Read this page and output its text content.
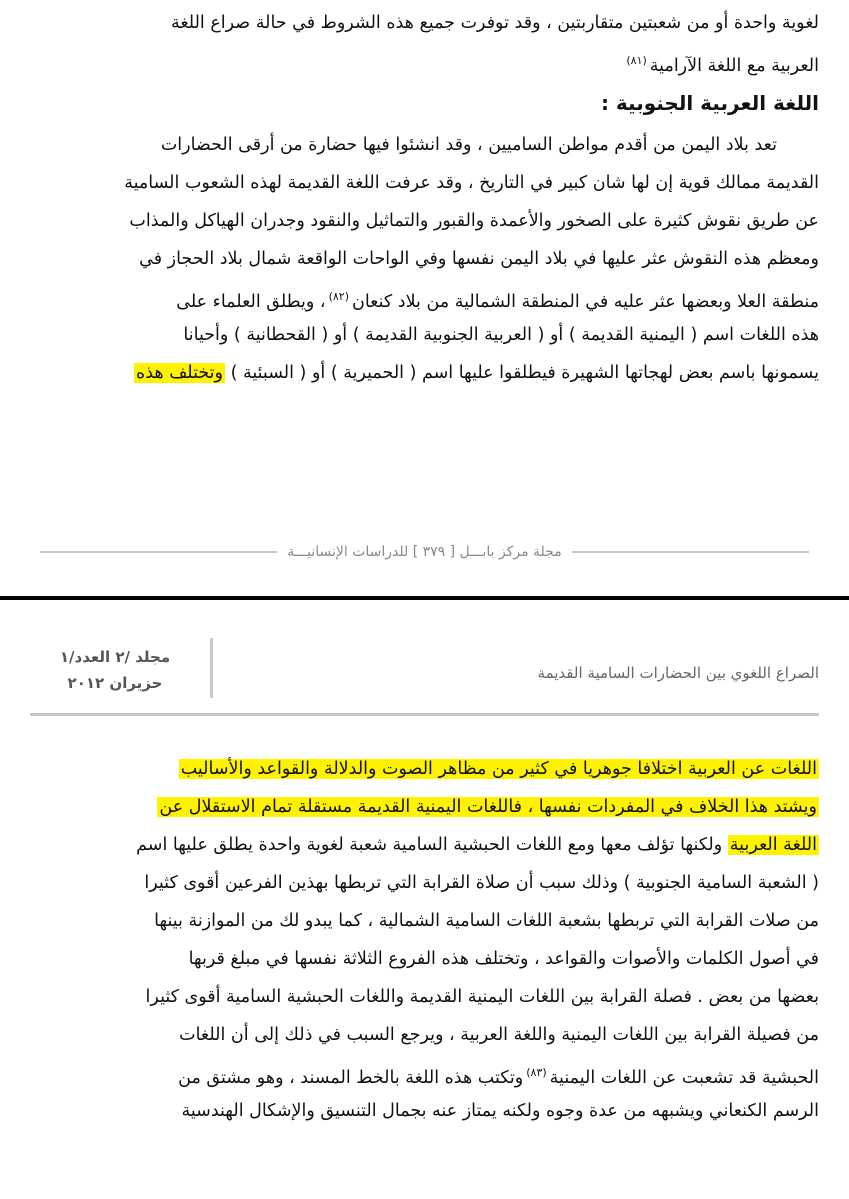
لغوية واحدة أو من شعبتين متقاربتين ، وقد توفرت جميع هذه الشروط في حالة صراع اللغة
العربية مع اللغة الآرامية$^{(٨١)}$
اللغة العربية الجنوبية :
تعد بلاد اليمن من أقدم مواطن الساميين ، وقد انشئوا فيها حضارة من أرقى الحضارات
القديمة ممالك قوية إن لها شان كبير في التاريخ ، وقد عرفت اللغة القديمة لهذه الشعوب السامية
عن طريق نقوش كثيرة على الصخور والأعمدة والقبور والتماثيل والنقود وجدران الهياكل والمذاب
ومعظم هذه النقوش عثر عليها في بلاد اليمن نفسها وفي الواحات الواقعة شمال بلاد الحجاز في
منطقة العلا وبعضها عثر عليه في المنطقة الشمالية من بلاد كنعان$^{(٨٢)}$، ويطلق العلماء على
هذه اللغات اسم ( اليمنية القديمة ) أو ( العربية الجنوبية القديمة ) أو ( القحطانية ) وأحيانا
يسمونها باسم بعض لهجاتها الشهيرة فيطلقوا عليها اسم ( الحميرية ) أو ( السبئية ) وتختلف هذه
مجلة مركز بابـــل [ ٣٧٩ ] للدراسات الإنسانيـــة
مجلد /٢ العدد/١
حزيران ٢٠١٢
الصراع اللغوي بين الحضارات السامية القديمة
اللغات عن العربية اختلافا جوهريا في كثير من مظاهر الصوت والدلالة والقواعد والأساليب
ويشتد هذا الخلاف في المفردات نفسها ، فاللغات اليمنية القديمة مستقلة تمام الاستقلال عن
اللغة العربية ولكنها تؤلف معها ومع اللغات الحبشية السامية شعبة لغوية واحدة يطلق عليها اسم
( الشعبة السامية الجنوبية ) وذلك سبب أن صلاة القرابة التي تربطها بهذين الفرعين أقوى كثيرا
من صلات القرابة التي تربطها بشعبة اللغات السامية الشمالية ، كما يبدو لك من الموازنة بينها
في أصول الكلمات والأصوات والقواعد ، وتختلف هذه الفروع الثلاثة نفسها في مبلغ قربها
بعضها من بعض . فصلة القرابة بين اللغات اليمنية القديمة واللغات الحبشية السامية أقوى كثيرا
من فصيلة القرابة بين اللغات اليمنية واللغة العربية ، ويرجع السبب في ذلك إلى أن اللغات
الحبشية قد تشعبت عن اللغات اليمنية$^{(٨٣)}$وتكتب هذه اللغة بالخط المسند ، وهو مشتق من
الرسم الكنعاني ويشبهه من عدة وجوه ولكنه يمتاز عنه بجمال التنسيق والإشكال الهندسية
